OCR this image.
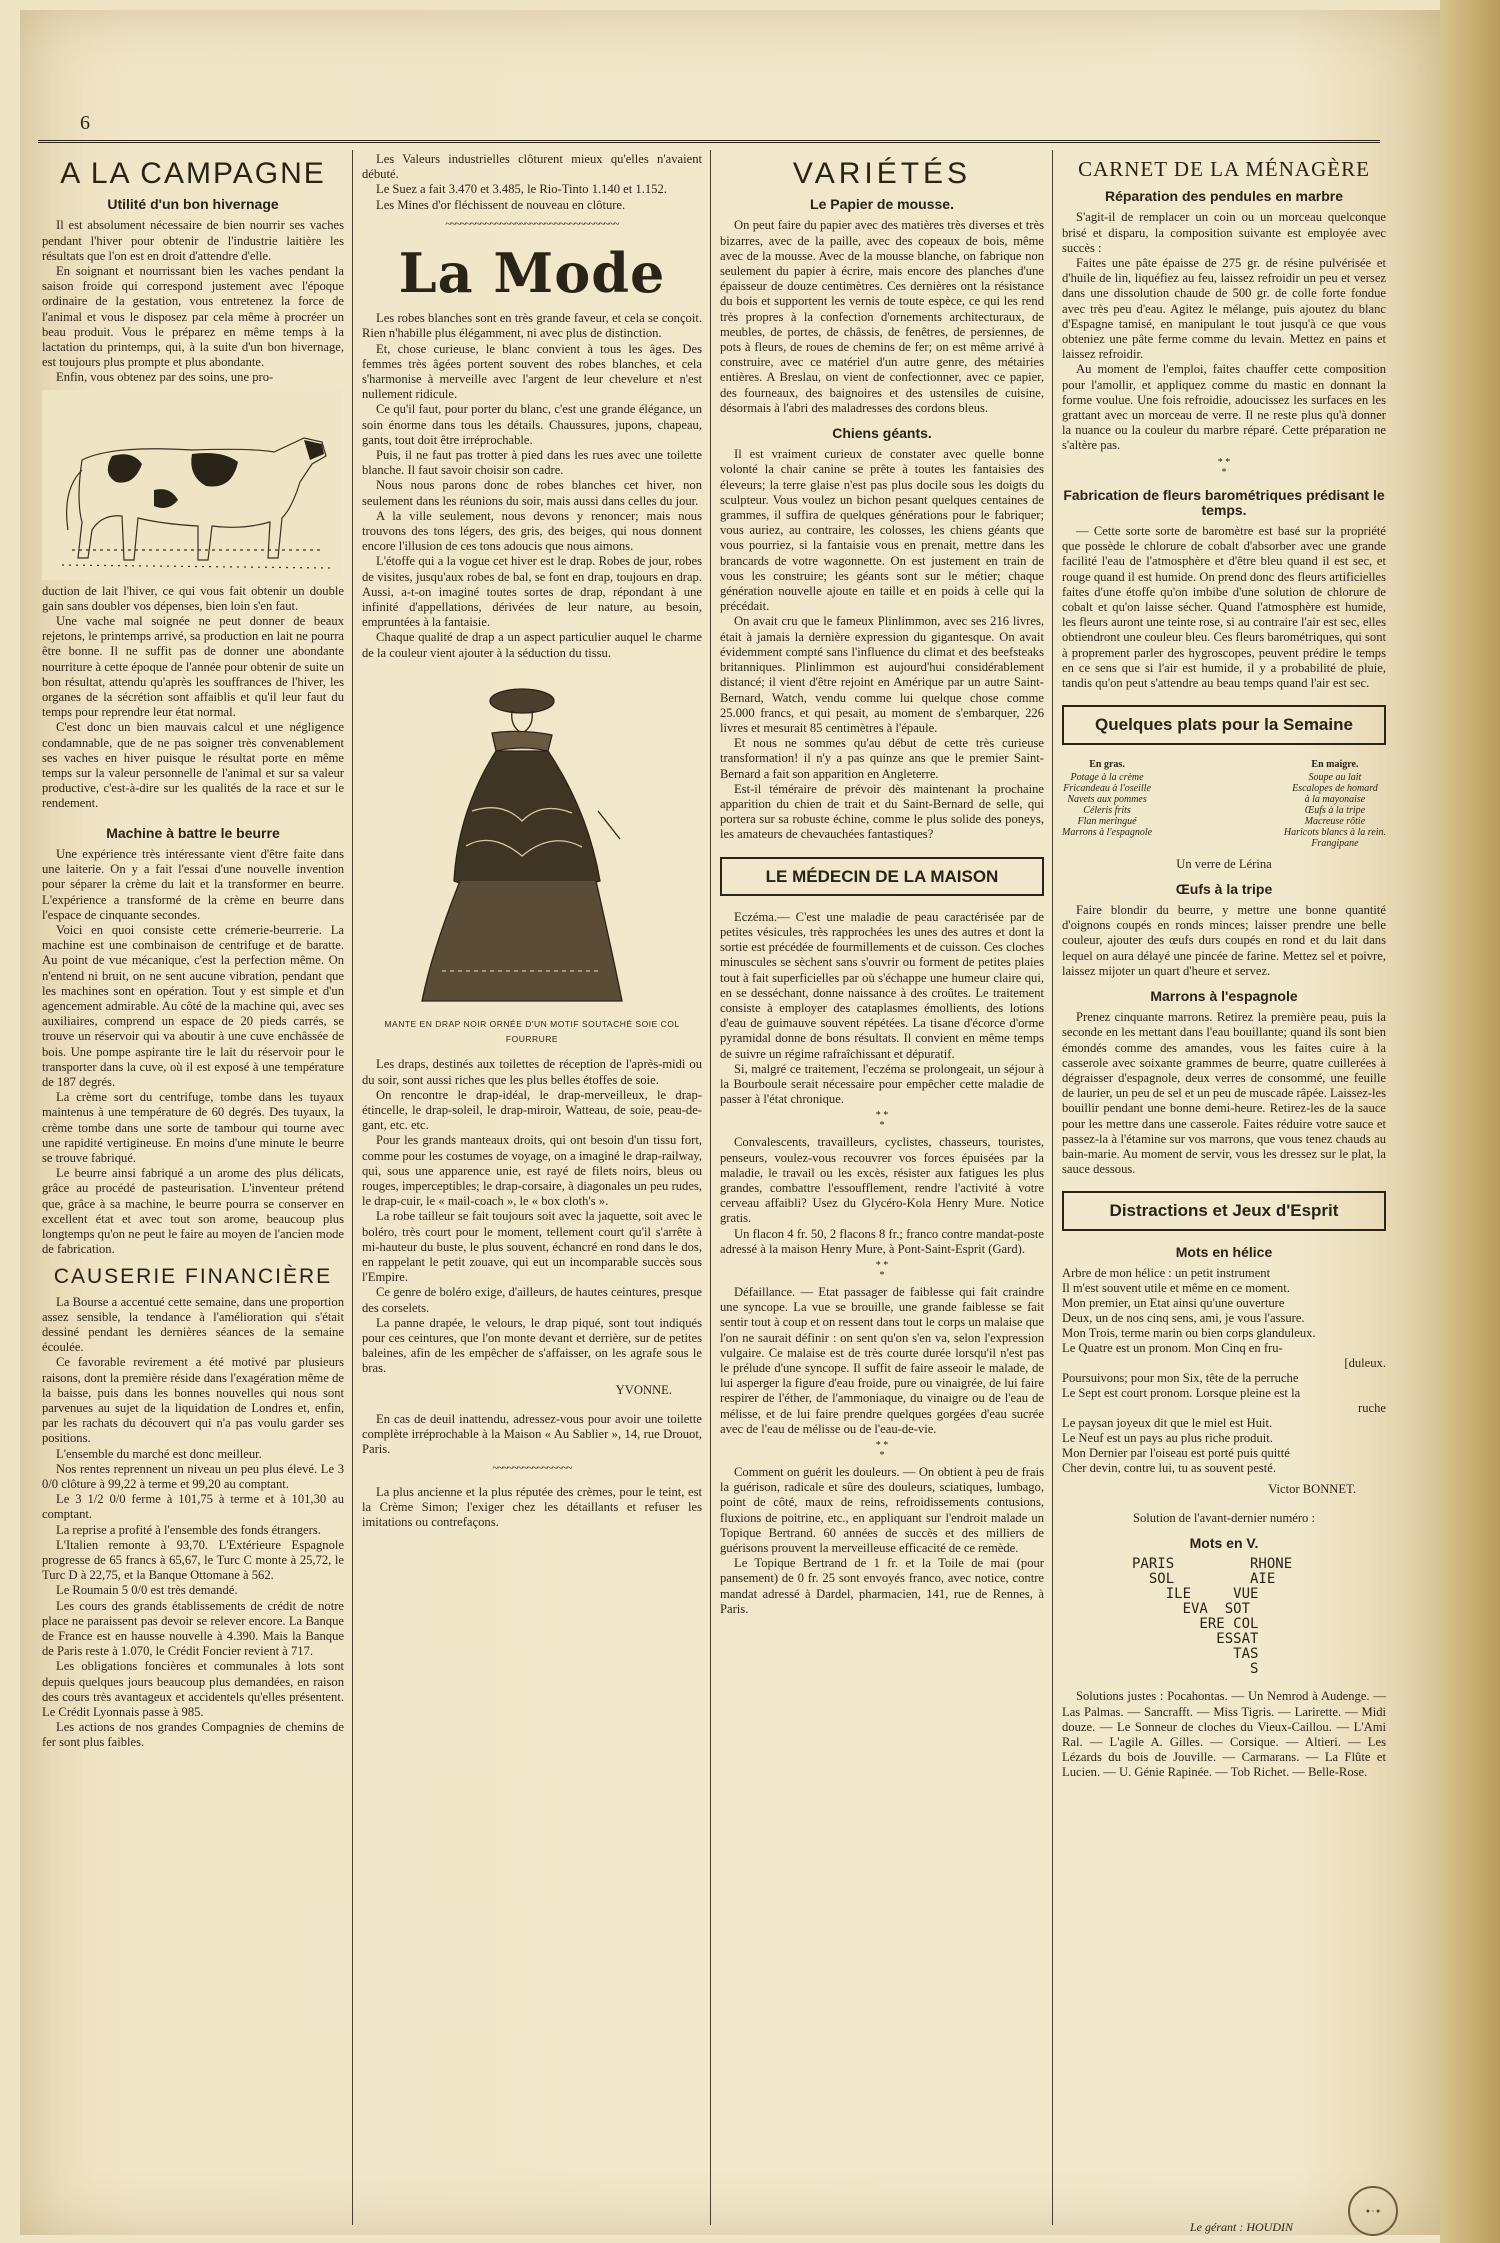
6
A LA CAMPAGNE
Utilité d'un bon hivernage

Il est absolument nécessaire de bien nourrir ses vaches pendant l'hiver pour obtenir de l'industrie laitière les résultats que l'on est en droit d'attendre d'elle.

En soignant et nourrissant bien les vaches pendant la saison froide qui correspond justement avec l'époque ordinaire de la gestation, vous entretenez la force de l'animal et vous le disposez par cela même à procréer un beau produit. Vous le préparez en même temps à la lactation du printemps, qui, à la suite d'un bon hivernage, est toujours plus prompte et plus abondante.

Enfin, vous obtenez par des soins, une pro-

duction de lait l'hiver, ce qui vous fait obtenir un double gain sans doubler vos dépenses, bien loin s'en faut.

Une vache mal soignée ne peut donner de beaux rejetons, le printemps arrivé, sa production en lait ne pourra être bonne. Il ne suffit pas de donner une abondante nourriture à cette époque de l'année pour obtenir de suite un bon résultat, attendu qu'après les souffrances de l'hiver, les organes de la sécrétion sont affaiblis et qu'il leur faut du temps pour reprendre leur état normal.

C'est donc un bien mauvais calcul et une négligence condamnable, que de ne pas soigner très convenablement ses vaches en hiver puisque le résultat porte en même temps sur la valeur personnelle de l'animal et sur sa valeur productive, c'est-à-dire sur les qualités de la race et sur le rendement.

Machine à battre le beurre

Une expérience très intéressante vient d'être faite dans une laiterie. On y a fait l'essai d'une nouvelle invention pour séparer la crème du lait et la transformer en beurre. L'expérience a transformé de la crème en beurre dans l'espace de cinquante secondes.

Voici en quoi consiste cette crémerie-beurrerie. La machine est une combinaison de centrifuge et de baratte. Au point de vue mécanique, c'est la perfection même. On n'entend ni bruit, on ne sent aucune vibration, pendant que les machines sont en opération. Tout y est simple et d'un agencement admirable. Au côté de la machine qui, avec ses auxiliaires, comprend un espace de 20 pieds carrés, se trouve un réservoir qui va aboutir à une cuve enchâssée de bois. Une pompe aspirante tire le lait du réservoir pour le transporter dans la cuve, où il est exposé à une température de 187 degrés.

La crème sort du centrifuge, tombe dans les tuyaux maintenus à une température de 60 degrés. Des tuyaux, la crème tombe dans une sorte de tambour qui tourne avec une rapidité vertigineuse. En moins d'une minute le beurre se trouve fabriqué.

Le beurre ainsi fabriqué a un arome des plus délicats, grâce au procédé de pasteurisation. L'inventeur prétend que, grâce à sa machine, le beurre pourra se conserver en excellent état et avec tout son arome, beaucoup plus longtemps qu'on ne peut le faire au moyen de l'ancien mode de fabrication.

CAUSERIE FINANCIÈRE

La Bourse a accentué cette semaine, dans une proportion assez sensible, la tendance à l'amélioration qui s'était dessiné pendant les dernières séances de la semaine écoulée.

Ce favorable revirement a été motivé par plusieurs raisons, dont la première réside dans l'exagération même de la baisse, puis dans les bonnes nouvelles qui nous sont parvenues au sujet de la liquidation de Londres et, enfin, par les rachats du découvert qui n'a pas voulu garder ses positions.

L'ensemble du marché est donc meilleur.

Nos rentes reprennent un niveau un peu plus élevé. Le 3 0/0 clôture à 99,22 à terme et 99,20 au comptant.

Le 3 1/2 0/0 ferme à 101,75 à terme et à 101,30 au comptant.

La reprise a profité à l'ensemble des fonds étrangers.

L'Italien remonte à 93,70. L'Extérieure Espagnole progresse de 65 francs à 65,67, le Turc C monte à 25,72, le Turc D à 22,75, et la Banque Ottomane à 562.

Le Roumain 5 0/0 est très demandé.

Les cours des grands établissements de crédit de notre place ne paraissent pas devoir se relever encore. La Banque de France est en hausse nouvelle à 4.390. Mais la Banque de Paris reste à 1.070, le Crédit Foncier revient à 717.

Les obligations foncières et communales à lots sont depuis quelques jours beaucoup plus demandées, en raison des cours très avantageux et accidentels qu'elles présentent. Le Crédit Lyonnais passe à 985.

Les actions de nos grandes Compagnies de chemins de fer sont plus faibles.

Les Valeurs industrielles clôturent mieux qu'elles n'avaient débuté.

Le Suez a fait 3.470 et 3.485, le Rio-Tinto 1.140 et 1.152.

Les Mines d'or fléchissent de nouveau en clôture.

~~~~~~~~~~~~~~~~~~~~~~~~~~~~~~~~~~~
La Mode

Les robes blanches sont en très grande faveur, et cela se conçoit. Rien n'habille plus élégamment, ni avec plus de distinction.

Et, chose curieuse, le blanc convient à tous les âges. Des femmes très âgées portent souvent des robes blanches, et cela s'harmonise à merveille avec l'argent de leur chevelure et n'est nullement ridicule.

Ce qu'il faut, pour porter du blanc, c'est une grande élégance, un soin énorme dans tous les détails. Chaussures, jupons, chapeau, gants, tout doit être irréprochable.

Puis, il ne faut pas trotter à pied dans les rues avec une toilette blanche. Il faut savoir choisir son cadre.

Nous nous parons donc de robes blanches cet hiver, non seulement dans les réunions du soir, mais aussi dans celles du jour.

A la ville seulement, nous devons y renoncer; mais nous trouvons des tons légers, des gris, des beiges, qui nous donnent encore l'illusion de ces tons adoucis que nous aimons.

L'étoffe qui a la vogue cet hiver est le drap. Robes de jour, robes de visites, jusqu'aux robes de bal, se font en drap, toujours en drap. Aussi, a-t-on imaginé toutes sortes de drap, répondant à une infinité d'appellations, dérivées de leur nature, au besoin, empruntées à la fantaisie.

Chaque qualité de drap a un aspect particulier auquel le charme de la couleur vient ajouter à la séduction du tissu.

MANTE EN DRAP NOIR ORNÉE D'UN MOTIF SOUTACHÉ SOIE COL FOURRURE

Les draps, destinés aux toilettes de réception de l'après-midi ou du soir, sont aussi riches que les plus belles étoffes de soie.

On rencontre le drap-idéal, le drap-merveilleux, le drap-étincelle, le drap-soleil, le drap-miroir, Watteau, de soie, peau-de-gant, etc. etc.

Pour les grands manteaux droits, qui ont besoin d'un tissu fort, comme pour les costumes de voyage, on a imaginé le drap-railway, qui, sous une apparence unie, est rayé de filets noirs, bleus ou rouges, imperceptibles; le drap-corsaire, à diagonales un peu rudes, le drap-cuir, le « mail-coach », le « box cloth's ».

La robe tailleur se fait toujours soit avec la jaquette, soit avec le boléro, très court pour le moment, tellement court qu'il s'arrête à mi-hauteur du buste, le plus souvent, échancré en rond dans le dos, en rappelant le petit zouave, qui eut un incomparable succès sous l'Empire.

Ce genre de boléro exige, d'ailleurs, de hautes ceintures, presque des corselets.

La panne drapée, le velours, le drap piqué, sont tout indiqués pour ces ceintures, que l'on monte devant et derrière, sur de petites baleines, afin de les empêcher de s'affaisser, on les agrafe sous le bras.

YVONNE.

En cas de deuil inattendu, adressez-vous pour avoir une toilette complète irréprochable à la Maison « Au Sablier », 14, rue Drouot, Paris.

~~~~~~~~~~~~~~~~

La plus ancienne et la plus réputée des crèmes, pour le teint, est la Crème Simon; l'exiger chez les détaillants et refuser les imitations ou contrefaçons.

VARIÉTÉS
Le Papier de mousse.

On peut faire du papier avec des matières très diverses et très bizarres, avec de la paille, avec des copeaux de bois, même avec de la mousse. Avec de la mousse blanche, on fabrique non seulement du papier à écrire, mais encore des planches d'une épaisseur de douze centimètres. Ces dernières ont la résistance du bois et supportent les vernis de toute espèce, ce qui les rend très propres à la confection d'ornements architecturaux, de meubles, de portes, de châssis, de fenêtres, de persiennes, de pots à fleurs, de roues de chemins de fer; on est même arrivé à construire, avec ce matériel d'un autre genre, des métairies entières. A Breslau, on vient de confectionner, avec ce papier, des fourneaux, des baignoires et des ustensiles de cuisine, désormais à l'abri des maladresses des cordons bleus.

Chiens géants.

Il est vraiment curieux de constater avec quelle bonne volonté la chair canine se prête à toutes les fantaisies des éleveurs; la terre glaise n'est pas plus docile sous les doigts du sculpteur. Vous voulez un bichon pesant quelques centaines de grammes, il suffira de quelques générations pour le fabriquer; vous auriez, au contraire, les colosses, les chiens géants que vous pourriez, si la fantaisie vous en prenait, mettre dans les brancards de votre wagonnette. On est justement en train de vous les construire; les géants sont sur le métier; chaque génération nouvelle ajoute en taille et en poids à celle qui la précédait.

On avait cru que le fameux Plinlimmon, avec ses 216 livres, était à jamais la dernière expression du gigantesque. On avait évidemment compté sans l'influence du climat et des beefsteaks britanniques. Plinlimmon est aujourd'hui considérablement distancé; il vient d'être rejoint en Amérique par un autre Saint-Bernard, Watch, vendu comme lui quelque chose comme 25.000 francs, et qui pesait, au moment de s'embarquer, 226 livres et mesurait 85 centimètres à l'épaule.

Et nous ne sommes qu'au début de cette très curieuse transformation! il n'y a pas quinze ans que le premier Saint-Bernard a fait son apparition en Angleterre.

Est-il téméraire de prévoir dès maintenant la prochaine apparition du chien de trait et du Saint-Bernard de selle, qui portera sur sa robuste échine, comme le plus solide des poneys, les amateurs de chevauchées fantastiques?

LE MÉDECIN DE LA MAISON

Eczéma.— C'est une maladie de peau caractérisée par de petites vésicules, très rapprochées les unes des autres et dont la sortie est précédée de fourmillements et de cuisson. Ces cloches minuscules se sèchent sans s'ouvrir ou forment de petites plaies tout à fait superficielles par où s'échappe une humeur claire qui, en se desséchant, donne naissance à des croûtes. Le traitement consiste à employer des cataplasmes émollients, des lotions d'eau de guimauve souvent répétées. La tisane d'écorce d'orme pyramidal donne de bons résultats. Il convient en même temps de suivre un régime rafraîchissant et dépuratif.

Si, malgré ce traitement, l'eczéma se prolongeait, un séjour à la Bourboule serait nécessaire pour empêcher cette maladie de passer à l'état chronique.

* *
*

Convalescents, travailleurs, cyclistes, chasseurs, touristes, penseurs, voulez-vous recouvrer vos forces épuisées par la maladie, le travail ou les excès, résister aux fatigues les plus grandes, combattre l'essoufflement, rendre l'activité à votre cerveau affaibli? Usez du Glycéro-Kola Henry Mure. Notice gratis.

Un flacon 4 fr. 50, 2 flacons 8 fr.; franco contre mandat-poste adressé à la maison Henry Mure, à Pont-Saint-Esprit (Gard).

* *
*

Défaillance. — Etat passager de faiblesse qui fait craindre une syncope. La vue se brouille, une grande faiblesse se fait sentir tout à coup et on ressent dans tout le corps un malaise que l'on ne saurait définir : on sent qu'on s'en va, selon l'expression vulgaire. Ce malaise est de très courte durée lorsqu'il n'est pas le prélude d'une syncope. Il suffit de faire asseoir le malade, de lui asperger la figure d'eau froide, pure ou vinaigrée, de lui faire respirer de l'éther, de l'ammoniaque, du vinaigre ou de l'eau de mélisse, et de lui faire prendre quelques gorgées d'eau sucrée avec de l'eau de mélisse ou de l'eau-de-vie.

* *
*

Comment on guérit les douleurs. — On obtient à peu de frais la guérison, radicale et sûre des douleurs, sciatiques, lumbago, point de côté, maux de reins, refroidissements contusions, fluxions de poitrine, etc., en appliquant sur l'endroit malade un Topique Bertrand. 60 années de succès et des milliers de guérisons prouvent la merveilleuse efficacité de ce remède.

Le Topique Bertrand de 1 fr. et la Toile de mai (pour pansement) de 0 fr. 25 sont envoyés franco, avec notice, contre mandat adressé à Dardel, pharmacien, 141, rue de Rennes, à Paris.

CARNET DE LA MÉNAGÈRE
Réparation des pendules en marbre

S'agit-il de remplacer un coin ou un morceau quelconque brisé et disparu, la composition suivante est employée avec succès :

Faites une pâte épaisse de 275 gr. de résine pulvérisée et d'huile de lin, liquéfiez au feu, laissez refroidir un peu et versez dans une dissolution chaude de 500 gr. de colle forte fondue avec très peu d'eau. Agitez le mélange, puis ajoutez du blanc d'Espagne tamisé, en manipulant le tout jusqu'à ce que vous obteniez une pâte ferme comme du levain. Mettez en pains et laissez refroidir.

Au moment de l'emploi, faites chauffer cette composition pour l'amollir, et appliquez comme du mastic en donnant la forme voulue. Une fois refroidie, adoucissez les surfaces en les grattant avec un morceau de verre. Il ne reste plus qu'à donner la nuance ou la couleur du marbre réparé. Cette préparation ne s'altère pas.

* *
*
Fabrication de fleurs barométriques prédisant le temps.

— Cette sorte sorte de baromètre est basé sur la propriété que possède le chlorure de cobalt d'absorber avec une grande facilité l'eau de l'atmosphère et d'être bleu quand il est sec, et rouge quand il est humide. On prend donc des fleurs artificielles faites d'une étoffe qu'on imbibe d'une solution de chlorure de cobalt et qu'on laisse sécher. Quand l'atmosphère est humide, les fleurs auront une teinte rose, si au contraire l'air est sec, elles obtiendront une couleur bleu. Ces fleurs barométriques, qui sont à proprement parler des hygroscopes, peuvent prédire le temps en ce sens que si l'air est humide, il y a probabilité de pluie, tandis qu'on peut s'attendre au beau temps quand l'air est sec.

Quelques plats pour la Semaine
En gras.
Potage à la crème
Fricandeau à l'oseille
Navets aux pommes
Céleris frits
Flan meringué
Marrons à l'espagnole
En maigre.
Soupe au lait
Escalopes de homard
à la mayonaise
Œufs à la tripe
Macreuse rôtie
Haricots blancs à la rein.
Frangipane
Un verre de Lérina
Œufs à la tripe

Faire blondir du beurre, y mettre une bonne quantité d'oignons coupés en ronds minces; laisser prendre une belle couleur, ajouter des œufs durs coupés en rond et du lait dans lequel on aura délayé une pincée de farine. Mettez sel et poivre, laissez mijoter un quart d'heure et servez.

Marrons à l'espagnole

Prenez cinquante marrons. Retirez la première peau, puis la seconde en les mettant dans l'eau bouillante; quand ils sont bien émondés comme des amandes, vous les faites cuire à la casserole avec soixante grammes de beurre, quatre cuillerées à dégraisser d'espagnole, deux verres de consommé, une feuille de laurier, un peu de sel et un peu de muscade râpée. Laissez-les bouillir pendant une bonne demi-heure. Retirez-les de la sauce pour les mettre dans une casserole. Faites réduire votre sauce et passez-la à l'étamine sur vos marrons, que vous tenez chauds au bain-marie. Au moment de servir, vous les dressez sur le plat, la sauce dessous.

Distractions et Jeux d'Esprit
Mots en hélice
Arbre de mon hélice : un petit instrument
Il m'est souvent utile et même en ce moment.
Mon premier, un Etat ainsi qu'une ouverture
Deux, un de nos cinq sens, ami, je vous l'assure.
Mon Trois, terme marin ou bien corps glanduleux.
Le Quatre est un pronom. Mon Cinq en fru-
[duleux.
Poursuivons; pour mon Six, tête de la perruche
Le Sept est court pronom. Lorsque pleine est la
ruche
Le paysan joyeux dit que le miel est Huit.
Le Neuf est un pays au plus riche produit.
Mon Dernier par l'oiseau est porté puis quitté
Cher devin, contre lui, tu as souvent pesté.
Victor BONNET.
Solution de l'avant-dernier numéro :
Mots en V.
PARIS         RHONE
SOL         AIE
ILE     VUE
EVA  SOT
ERE COL
ESSAT
TAS
S

Solutions justes : Pocahontas. — Un Nemrod à Audenge. — Las Palmas. — Sancrafft. — Miss Tigris. — Larirette. — Midi douze. — Le Sonneur de cloches du Vieux-Caillou. — L'Ami Ral. — L'agile A. Gilles. — Corsique. — Altieri. — Les Lézards du bois de Jouville. — Carmarans. — La Flûte et Lucien. — U. Génie Rapinée. — Tob Richet. — Belle-Rose.

Le gérant : HOUDIN
● ◦ ●
